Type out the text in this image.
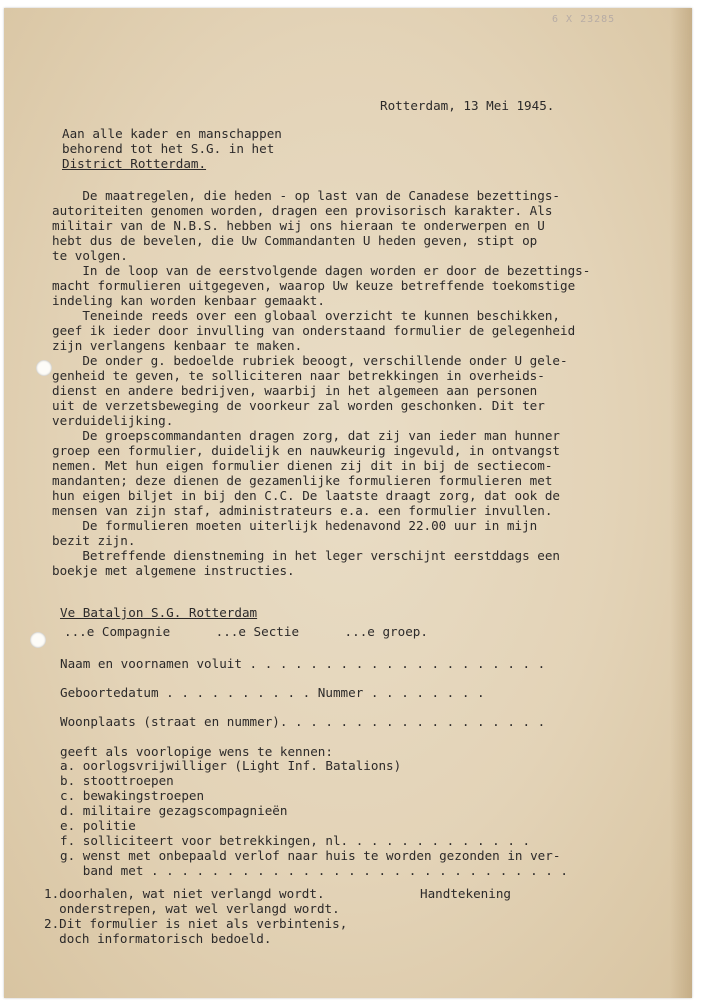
6 X 23285
Rotterdam, 13 Mei 1945.
Aan alle kader en manschappen
behorend tot het S.G. in het
District Rotterdam.
De maatregelen, die heden - op last van de Canadese bezettings-
autoriteiten genomen worden, dragen een provisorisch karakter. Als
militair van de N.B.S. hebben wij ons hieraan te onderwerpen en U
hebt dus de bevelen, die Uw Commandanten U heden geven, stipt op
te volgen.
In de loop van de eerstvolgende dagen worden er door de bezettings-
macht formulieren uitgegeven, waarop Uw keuze betreffende toekomstige
indeling kan worden kenbaar gemaakt.
Teneinde reeds over een globaal overzicht te kunnen beschikken,
geef ik ieder door invulling van onderstaand formulier de gelegenheid
zijn verlangens kenbaar te maken.
De onder g. bedoelde rubriek beoogt, verschillende onder U gele-
genheid te geven, te solliciteren naar betrekkingen in overheids-
dienst en andere bedrijven, waarbij in het algemeen aan personen
uit de verzetsbeweging de voorkeur zal worden geschonken. Dit ter
verduidelijking.
De groepscommandanten dragen zorg, dat zij van ieder man hunner
groep een formulier, duidelijk en nauwkeurig ingevuld, in ontvangst
nemen. Met hun eigen formulier dienen zij dit in bij de sectiecom-
mandanten; deze dienen de gezamenlijke formulieren formulieren met
hun eigen biljet in bij den C.C. De laatste draagt zorg, dat ook de
mensen van zijn staf, administrateurs e.a. een formulier invullen.
De formulieren moeten uiterlijk hedenavond 22.00 uur in mijn
bezit zijn.
Betreffende dienstneming in het leger verschijnt eerstddags een
boekje met algemene instructies.
Ve Bataljon S.G. Rotterdam
...e Compagnie      ...e Sectie      ...e groep.
Naam en voornamen voluit . . . . . . . . . . . . . . . . . . . .
Geboortedatum . . . . . . . . . . Nummer . . . . . . . .
Woonplaats (straat en nummer). . . . . . . . . . . . . . . . . .
geeft als voorlopige wens te kennen:
a. oorlogsvrijwilliger (Light Inf. Batalions)
b. stoottroepen
c. bewakingstroepen
d. militaire gezagscompagnieën
e. politie
f. solliciteert voor betrekkingen, nl. . . . . . . . . . . . .
g. wenst met onbepaald verlof naar huis te worden gezonden in ver-
band met . . . . . . . . . . . . . . . . . . . . . . . . . . . .
1.doorhalen, wat niet verlangd wordt.
onderstrepen, wat wel verlangd wordt.
2.Dit formulier is niet als verbintenis,
doch informatorisch bedoeld.
Handtekening
